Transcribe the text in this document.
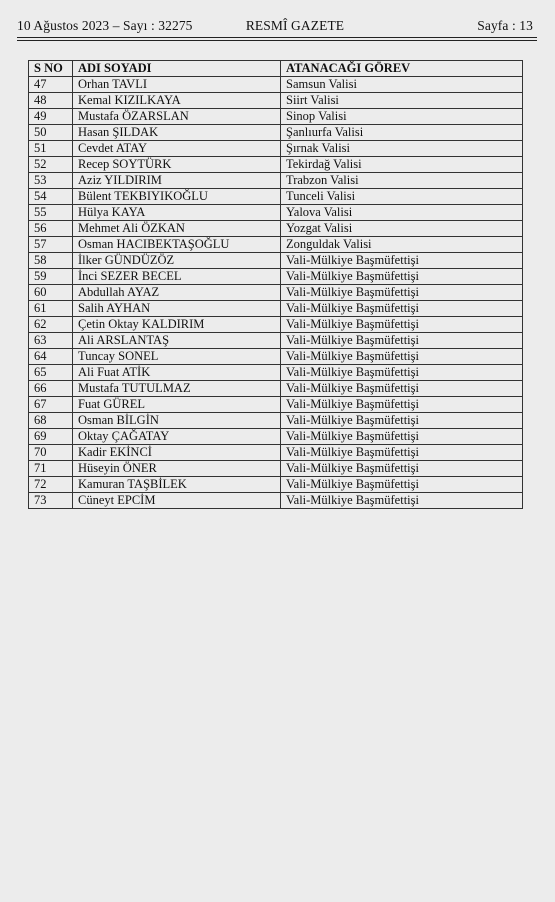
10 Ağustos 2023 – Sayı : 32275	RESMÎ GAZETE	Sayfa : 13
S NO	ADI SOYADI	ATANACAĞI GÖREV
47	Orhan TAVLI	Samsun Valisi
48	Kemal KIZILKAYA	Siirt Valisi
49	Mustafa ÖZARSLAN	Sinop Valisi
50	Hasan ŞILDAK	Şanlıurfa Valisi
51	Cevdet ATAY	Şırnak Valisi
52	Recep SOYTÜRK	Tekirdağ Valisi
53	Aziz YILDIRIM	Trabzon Valisi
54	Bülent TEKBIYIKOĞLU	Tunceli Valisi
55	Hülya KAYA	Yalova Valisi
56	Mehmet Ali ÖZKAN	Yozgat Valisi
57	Osman HACIBEKTAŞOĞLU	Zonguldak Valisi
58	İlker GÜNDÜZÖZ	Vali-Mülkiye Başmüfettişi
59	İnci SEZER BECEL	Vali-Mülkiye Başmüfettişi
60	Abdullah AYAZ	Vali-Mülkiye Başmüfettişi
61	Salih AYHAN	Vali-Mülkiye Başmüfettişi
62	Çetin Oktay KALDIRIM	Vali-Mülkiye Başmüfettişi
63	Ali ARSLANTAŞ	Vali-Mülkiye Başmüfettişi
64	Tuncay SONEL	Vali-Mülkiye Başmüfettişi
65	Ali Fuat ATİK	Vali-Mülkiye Başmüfettişi
66	Mustafa TUTULMAZ	Vali-Mülkiye Başmüfettişi
67	Fuat GÜREL	Vali-Mülkiye Başmüfettişi
68	Osman BİLGİN	Vali-Mülkiye Başmüfettişi
69	Oktay ÇAĞATAY	Vali-Mülkiye Başmüfettişi
70	Kadir EKİNCİ	Vali-Mülkiye Başmüfettişi
71	Hüseyin ÖNER	Vali-Mülkiye Başmüfettişi
72	Kamuran TAŞBİLEK	Vali-Mülkiye Başmüfettişi
73	Cüneyt EPCİM	Vali-Mülkiye Başmüfettişi
